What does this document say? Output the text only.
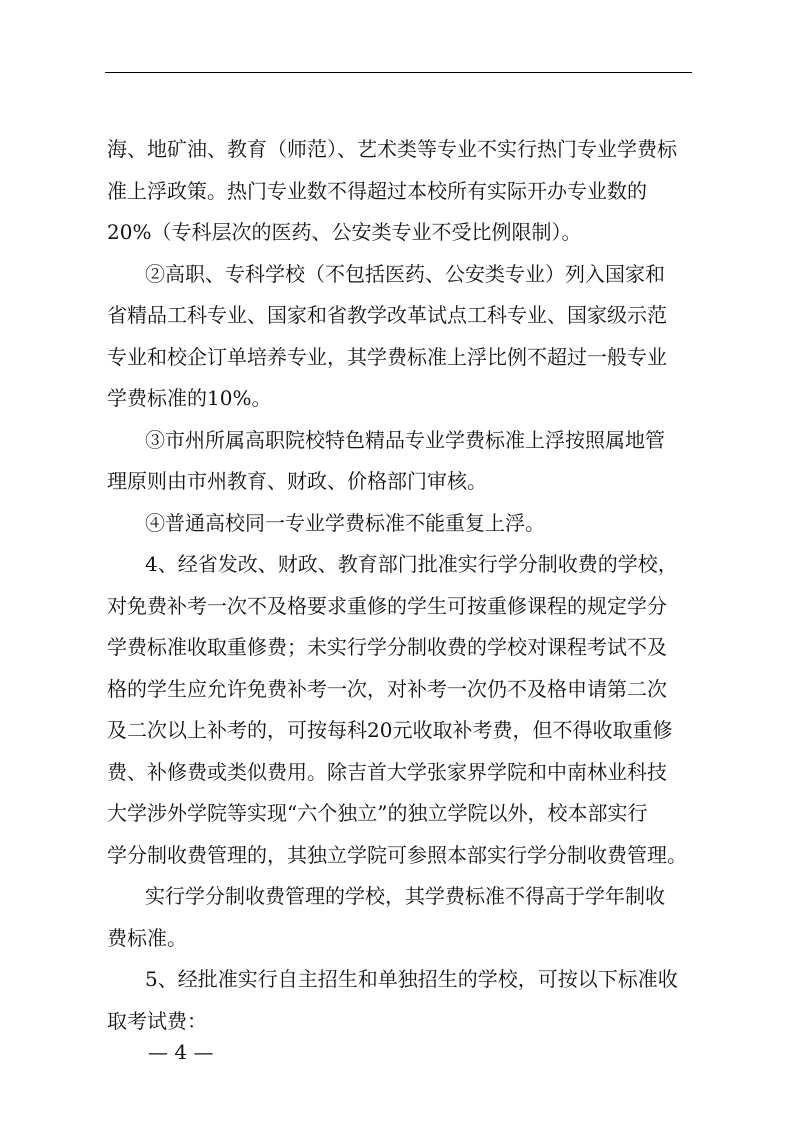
海、地矿油、教育（师范）、艺术类等专业不实行热门专业学费标
准上浮政策。热门专业数不得超过本校所有实际开办专业数的
20%（专科层次的医药、公安类专业不受比例限制）。
②高职、专科学校（不包括医药、公安类专业）列入国家和
省精品工科专业、国家和省教学改革试点工科专业、国家级示范
专业和校企订单培养专业，其学费标准上浮比例不超过一般专业
学费标准的10%。
③市州所属高职院校特色精品专业学费标准上浮按照属地管
理原则由市州教育、财政、价格部门审核。
④普通高校同一专业学费标准不能重复上浮。
4、经省发改、财政、教育部门批准实行学分制收费的学校，
对免费补考一次不及格要求重修的学生可按重修课程的规定学分
学费标准收取重修费；未实行学分制收费的学校对课程考试不及
格的学生应允许免费补考一次，对补考一次仍不及格申请第二次
及二次以上补考的，可按每科20元收取补考费，但不得收取重修
费、补修费或类似费用。除吉首大学张家界学院和中南林业科技
大学涉外学院等实现“六个独立”的独立学院以外，校本部实行
学分制收费管理的，其独立学院可参照本部实行学分制收费管理。
实行学分制收费管理的学校，其学费标准不得高于学年制收
费标准。
5、经批准实行自主招生和单独招生的学校，可按以下标准收
取考试费：
— 4 —
